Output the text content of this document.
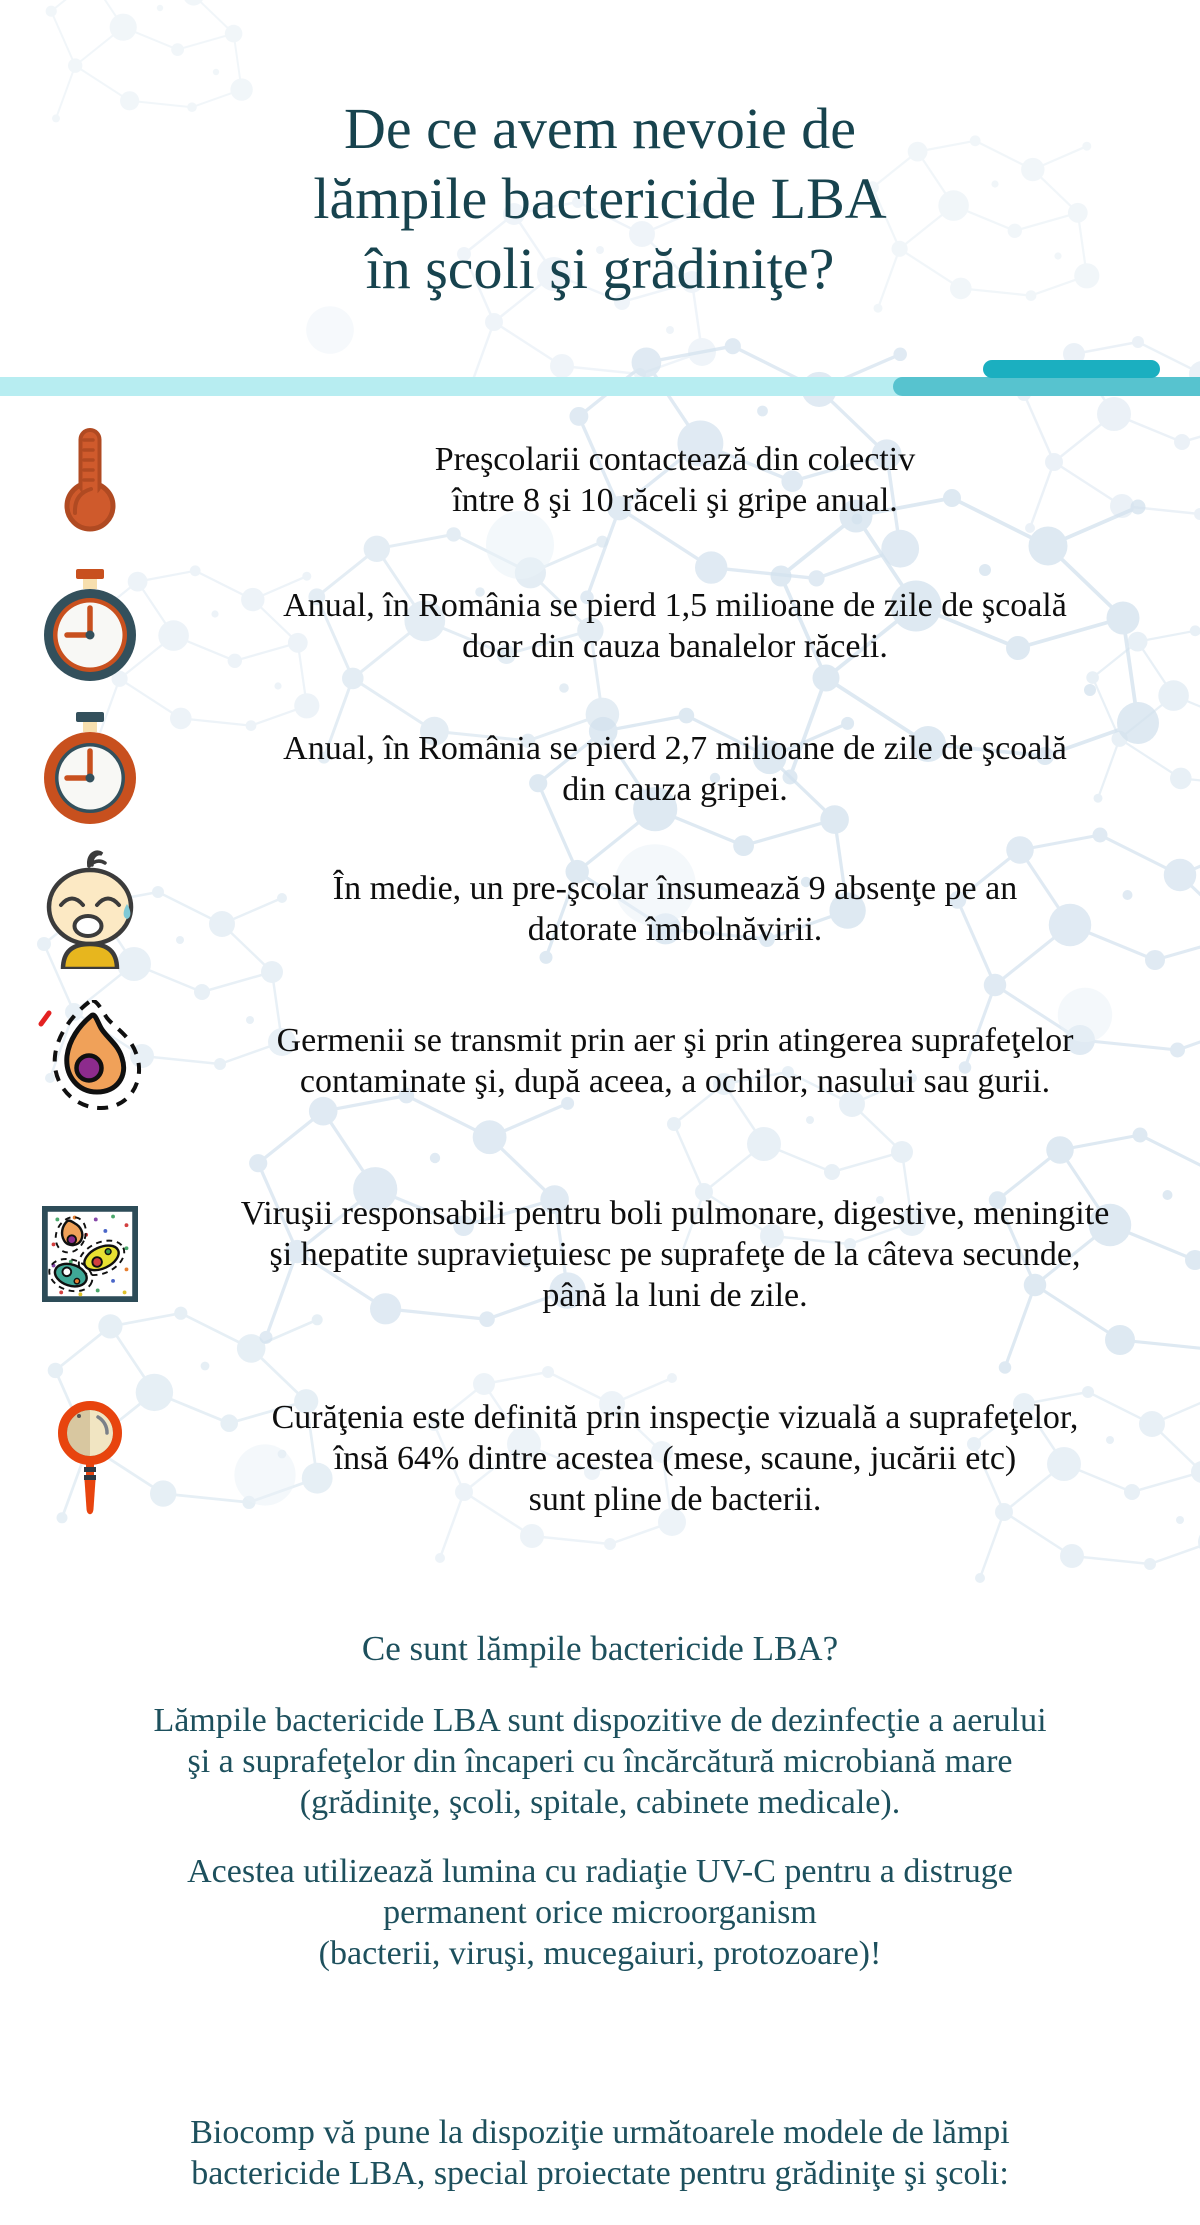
De ce avem nevoie de
lămpile bactericide LBA
în şcoli şi grădiniţe?
Preşcolarii contactează din colectiv
între 8 şi 10 răceli şi gripe anual.
Anual, în România se pierd 1,5 milioane de zile de şcoală
doar din cauza banalelor răceli.
Anual, în România se pierd 2,7 milioane de zile de şcoală
din cauza gripei.
În medie, un pre-şcolar însumează 9 absenţe pe an
datorate îmbolnăvirii.
Germenii se transmit prin aer şi prin atingerea suprafeţelor
contaminate şi, după aceea, a ochilor, nasului sau gurii.
Viruşii responsabili pentru boli pulmonare, digestive, meningite
şi hepatite supravieţuiesc pe suprafeţe de la câteva secunde,
până la luni de zile.
Curăţenia este definită prin inspecţie vizuală a suprafeţelor,
însă 64% dintre acestea (mese, scaune, jucării etc)
sunt pline de bacterii.
Ce sunt lămpile bactericide LBA?
Lămpile bactericide LBA sunt dispozitive de dezinfecţie a aerului
şi a suprafeţelor din încaperi cu încărcătură microbiană mare
(grădiniţe, şcoli, spitale, cabinete medicale).
Acestea utilizează lumina cu radiaţie UV-C pentru a distruge
permanent orice microorganism
(bacterii, viruşi, mucegaiuri, protozoare)!
Biocomp vă pune la dispoziţie următoarele modele de lămpi
bactericide LBA, special proiectate pentru grădiniţe şi şcoli:
